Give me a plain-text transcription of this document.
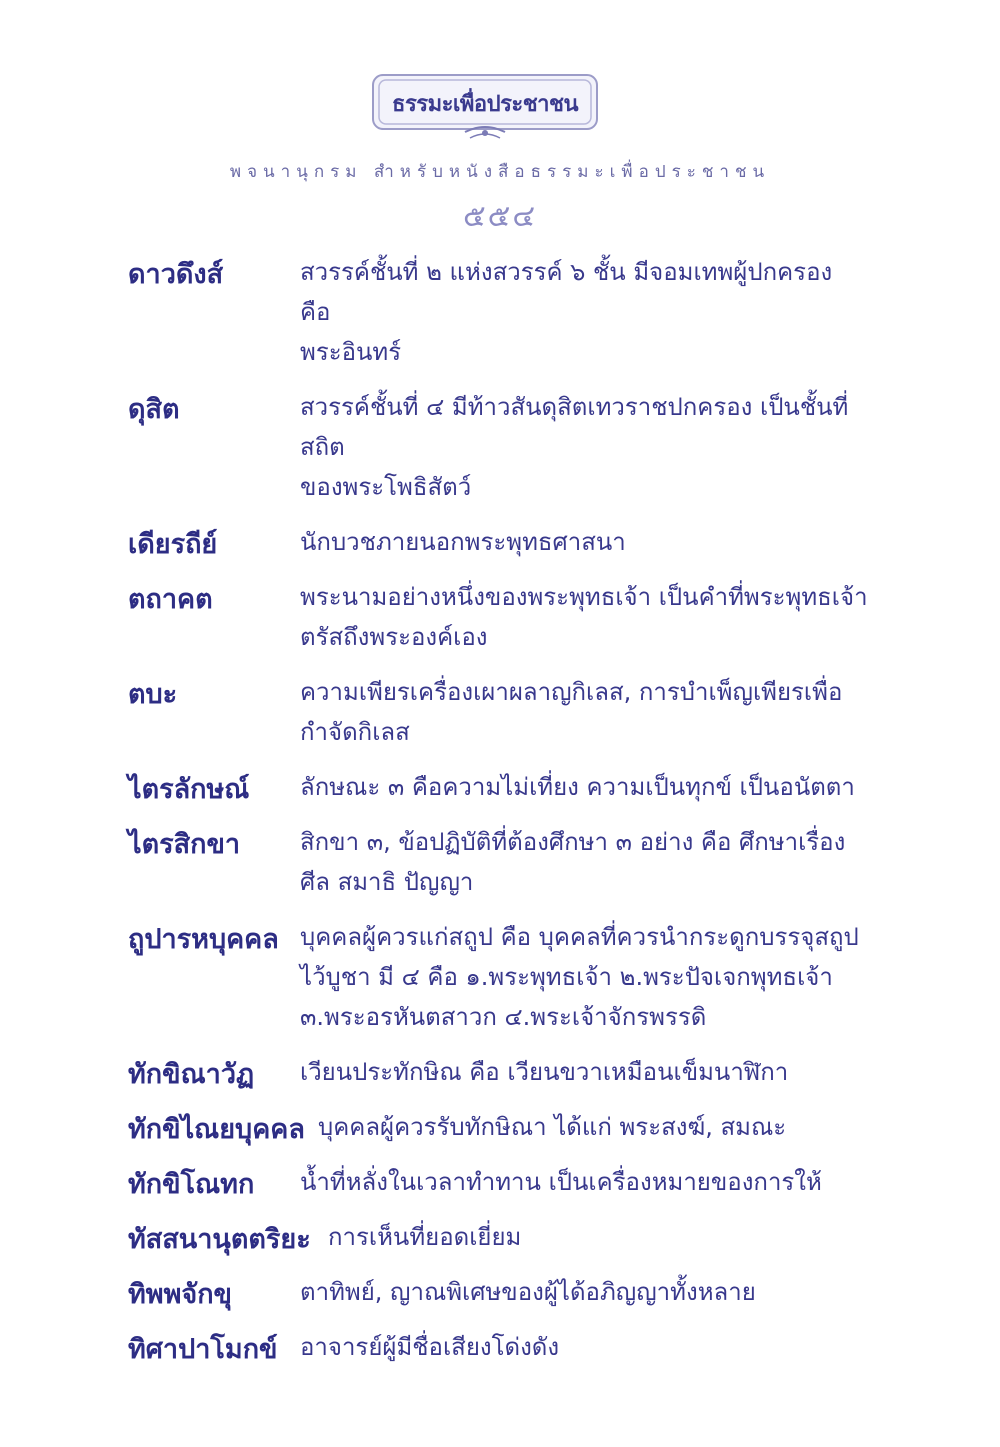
ธรรมะเพื่อประชาชน
พจนานุกรม สำหรับหนังสือธรรมะเพื่อประชาชน
๕๕๔
ดาวดึงส์	สวรรค์ชั้นที่ ๒ แห่งสวรรค์ ๖ ชั้น มีจอมเทพผู้ปกครอง คือ
พระอินทร์
ดุสิต	สวรรค์ชั้นที่ ๔ มีท้าวสันดุสิตเทวราชปกครอง เป็นชั้นที่สถิต
ของพระโพธิสัตว์
เดียรถีย์	นักบวชภายนอกพระพุทธศาสนา
ตถาคต	พระนามอย่างหนึ่งของพระพุทธเจ้า เป็นคำที่พระพุทธเจ้า
ตรัสถึงพระองค์เอง
ตบะ	ความเพียรเครื่องเผาผลาญกิเลส, การบำเพ็ญเพียรเพื่อ
กำจัดกิเลส
ไตรลักษณ์ ลักษณะ ๓ คือความไม่เที่ยง ความเป็นทุกข์ เป็นอนัตตา
ไตรสิกขา สิกขา ๓, ข้อปฏิบัติที่ต้องศึกษา ๓ อย่าง คือ ศึกษาเรื่อง
ศีล สมาธิ ปัญญา
ถูปารหบุคคล บุคคลผู้ควรแก่สถูป คือ บุคคลที่ควรนำกระดูกบรรจุสถูป
ไว้บูชา มี ๔ คือ ๑.พระพุทธเจ้า ๒.พระปัจเจกพุทธเจ้า
๓.พระอรหันตสาวก ๔.พระเจ้าจักรพรรดิ
ทักขิณาวัฏ เวียนประทักษิณ คือ เวียนขวาเหมือนเข็มนาฬิกา
ทักขิไณยบุคคล บุคคลผู้ควรรับทักษิณา ได้แก่ พระสงฆ์, สมณะ
ทักขิโณทก น้ำที่หลั่งในเวลาทำทาน เป็นเครื่องหมายของการให้
ทัสสนานุตตริยะ การเห็นที่ยอดเยี่ยม
ทิพพจักขุ	ตาทิพย์, ญาณพิเศษของผู้ได้อภิญญาทั้งหลาย
ทิศาปาโมกข์ อาจารย์ผู้มีชื่อเสียงโด่งดัง
